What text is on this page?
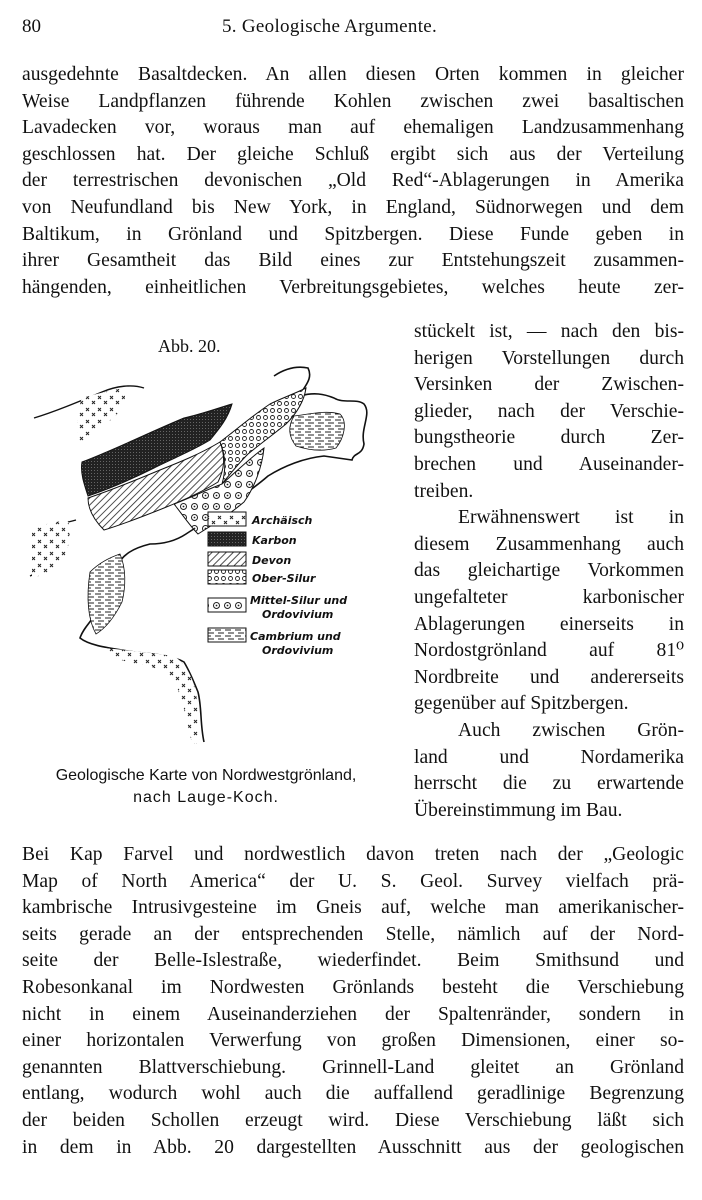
80	5. Geologische Argumente.
ausgedehnte Basaltdecken. An allen diesen Orten kommen in gleicher
Weise Landpflanzen führende Kohlen zwischen zwei basaltischen
Lavadecken vor, woraus man auf ehemaligen Landzusammenhang
geschlossen hat. Der gleiche Schluß ergibt sich aus der Verteilung
der terrestrischen devonischen „Old Red“-Ablagerungen in Amerika
von Neufundland bis New York, in England, Südnorwegen und dem
Baltikum, in Grönland und Spitzbergen. Diese Funde geben in
ihrer Gesamtheit das Bild eines zur Entstehungszeit zusammen-
hängenden, einheitlichen Verbreitungsgebietes, welches heute zer-

stückelt ist, — nach den bis-
herigen Vorstellungen durch
Versinken der Zwischen-
glieder, nach der Verschie-
bungstheorie durch Zer-
brechen und Auseinander-
treiben.

Erwähnenswert ist in
diesem Zusammenhang auch
das gleichartige Vorkommen
ungefalteter karbonischer
Ablagerungen einerseits in
Nordostgrönland auf 81⁰
Nordbreite und andererseits
gegenüber auf Spitzbergen.

Auch zwischen Grön-
land und Nordamerika
herrscht die zu erwartende
Übereinstimmung im Bau.

Abb. 20.
Archäisch
Karbon
Devon
Ober-Silur
Mittel-Silur und
Ordovivium
Cambrium und
Ordovivium
Geologische Karte von Nordwestgrönland,
nach Lauge-Koch.
Bei Kap Farvel und nordwestlich davon treten nach der „Geologic
Map of North America“ der U. S. Geol. Survey vielfach prä-
kambrische Intrusivgesteine im Gneis auf, welche man amerikanischer-
seits gerade an der entsprechenden Stelle, nämlich auf der Nord-
seite der Belle-Islestraße, wiederfindet. Beim Smithsund und
Robesonkanal im Nordwesten Grönlands besteht die Verschiebung
nicht in einem Auseinanderziehen der Spaltenränder, sondern in
einer horizontalen Verwerfung von großen Dimensionen, einer so-
genannten Blattverschiebung. Grinnell-Land gleitet an Grönland
entlang, wodurch wohl auch die auffallend geradlinige Begrenzung
der beiden Schollen erzeugt wird. Diese Verschiebung läßt sich
in dem in Abb. 20 dargestellten Ausschnitt aus der geologischen
